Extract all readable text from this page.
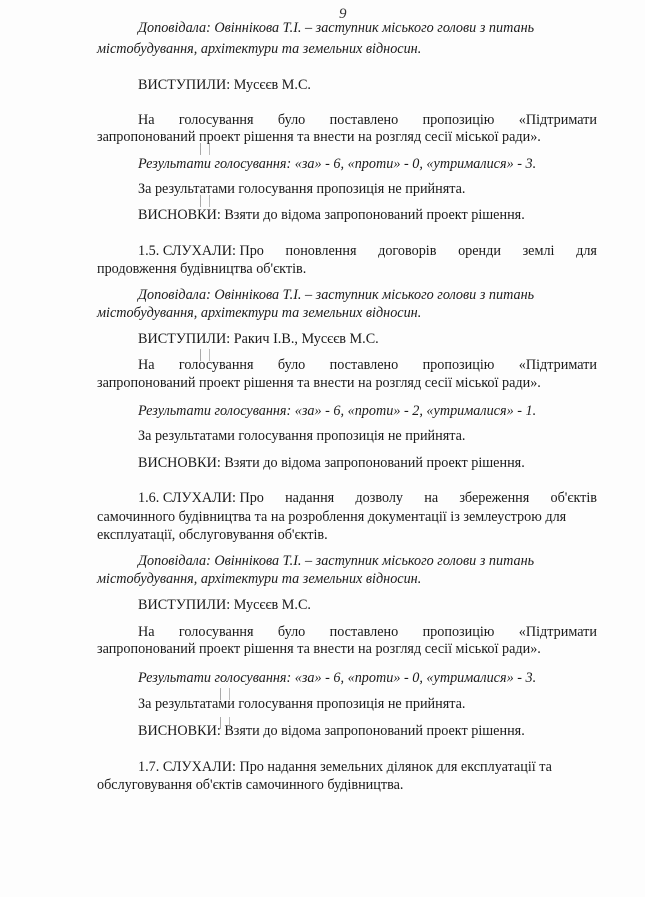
9

Доповідала: Овіннікова Т.І. – заступник міського голови з питань

містобудування, архітектури та земельних відносин.

ВИСТУПИЛИ: Мусєєв М.С.

На голосування було поставлено пропозицію «Підтримати

запропонований проект рішення та внести на розгляд сесії міської ради».

Результати голосування: «за» - 6, «проти» - 0, «утрималися» - 3.

За результатами голосування пропозиція не прийнята.

ВИСНОВКИ: Взяти до відома запропонований проект рішення.

1.5. СЛУХАЛИ: Про поновлення договорів оренди землі для

продовження будівництва об'єктів.

Доповідала: Овіннікова Т.І. – заступник міського голови з питань

містобудування, архітектури та земельних відносин.

ВИСТУПИЛИ: Ракич І.В., Мусєєв М.С.

На голосування було поставлено пропозицію «Підтримати

запропонований проект рішення та внести на розгляд сесії міської ради».

Результати голосування: «за» - 6, «проти» - 2, «утрималися» - 1.

За результатами голосування пропозиція не прийнята.

ВИСНОВКИ: Взяти до відома запропонований проект рішення.

1.6. СЛУХАЛИ: Про надання дозволу на збереження об'єктів

самочинного будівництва та на розроблення документації із землеустрою для

експлуатації, обслуговування об'єктів.

Доповідала: Овіннікова Т.І. – заступник міського голови з питань

містобудування, архітектури та земельних відносин.

ВИСТУПИЛИ: Мусєєв М.С.

На голосування було поставлено пропозицію «Підтримати

запропонований проект рішення та внести на розгляд сесії міської ради».

Результати голосування: «за» - 6, «проти» - 0, «утрималися» - 3.

За результатами голосування пропозиція не прийнята.

ВИСНОВКИ: Взяти до відома запропонований проект рішення.

1.7. СЛУХАЛИ: Про надання земельних ділянок для експлуатації та

обслуговування об'єктів самочинного будівництва.
